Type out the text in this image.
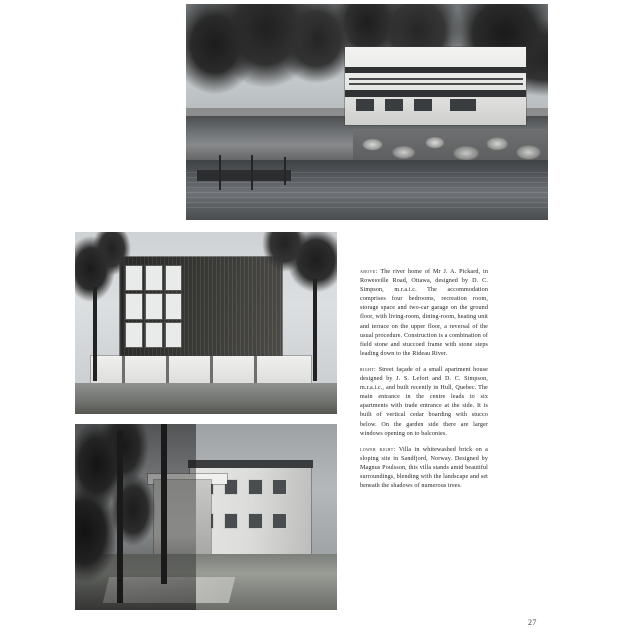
above: The river home of Mr J. A. Pickard, in Rowesville Road, Ottawa, designed by D. C. Simpson, m.r.a.i.c. The accommodation comprises four bedrooms, recreation room, storage space and two-car garage on the ground floor, with living-room, dining-room, heating unit and terrace on the upper floor, a reversal of the usual procedure. Construction is a combination of field stone and stuccoed frame with stone steps leading down to the Rideau River.

right: Street façade of a small apartment house designed by J. S. Lefort and D. C. Simpson, m.r.a.i.c., and built recently in Hull, Quebec. The main entrance in the centre leads to six apartments with trade entrance at the side. It is built of vertical cedar boarding with stucco below. On the garden side there are larger windows opening on to balconies.

lower right: Villa in whitewashed brick on a sloping site in Sandfjord, Norway. Designed by Magnus Poulsson, this villa stands amid beautiful surroundings, blending with the landscape and set beneath the shadows of numerous trees.

27
